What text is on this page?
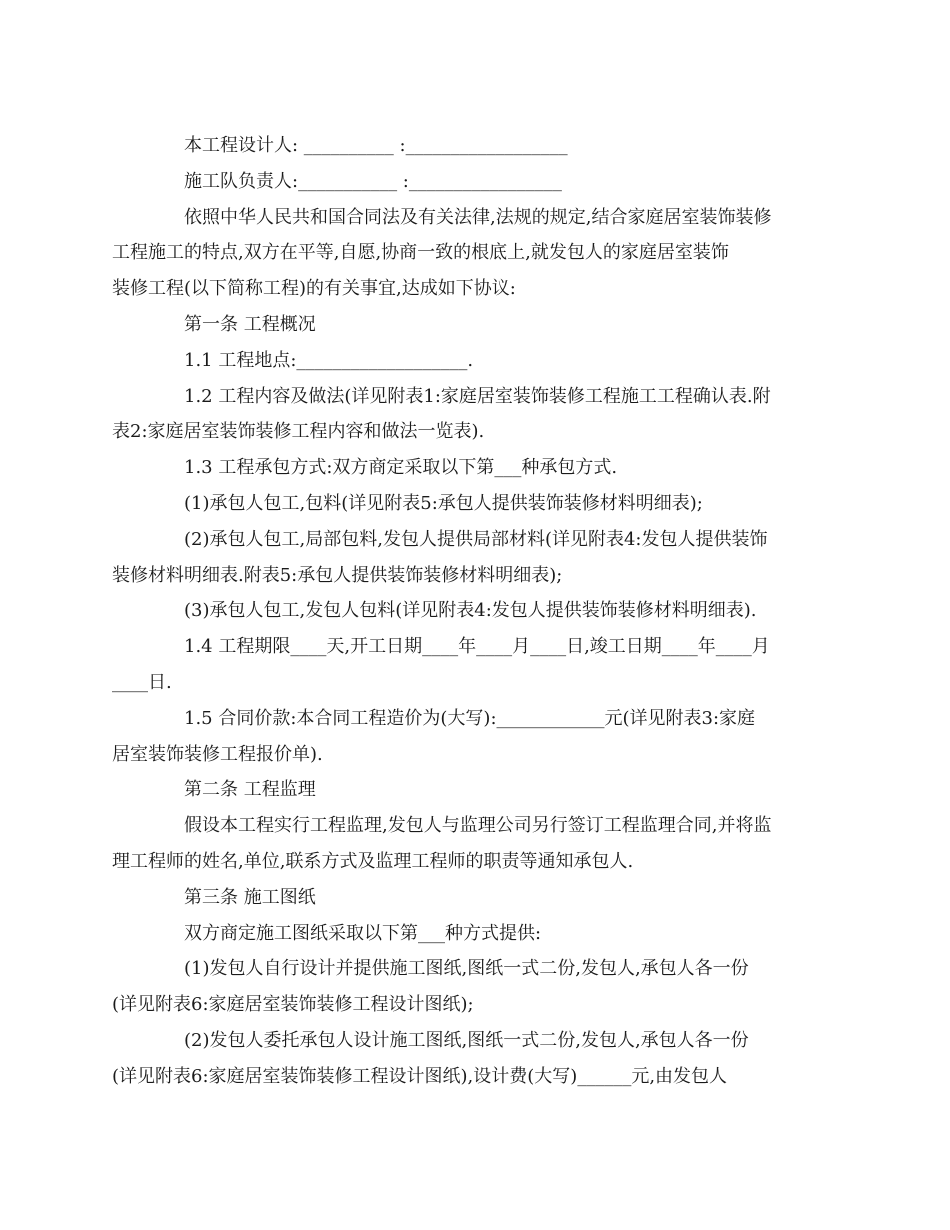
本工程设计人: __________ :__________________

施工队负责人:___________ :_________________

依照中华人民共和国合同法及有关法律,法规的规定,结合家庭居室装饰装修
工程施工的特点,双方在平等,自愿,协商一致的根底上,就发包人的家庭居室装饰
装修工程(以下简称工程)的有关事宜,达成如下协议:

第一条 工程概况

1.1 工程地点:___________________.

1.2 工程内容及做法(详见附表1:家庭居室装饰装修工程施工工程确认表.附
表2:家庭居室装饰装修工程内容和做法一览表).

1.3 工程承包方式:双方商定采取以下第___种承包方式.

(1)承包人包工,包料(详见附表5:承包人提供装饰装修材料明细表);

(2)承包人包工,局部包料,发包人提供局部材料(详见附表4:发包人提供装饰
装修材料明细表.附表5:承包人提供装饰装修材料明细表);

(3)承包人包工,发包人包料(详见附表4:发包人提供装饰装修材料明细表).

1.4 工程期限____天,开工日期____年____月____日,竣工日期____年____月
____日.

1.5 合同价款:本合同工程造价为(大写):____________元(详见附表3:家庭
居室装饰装修工程报价单).

第二条 工程监理

假设本工程实行工程监理,发包人与监理公司另行签订工程监理合同,并将监
理工程师的姓名,单位,联系方式及监理工程师的职责等通知承包人.

第三条 施工图纸

双方商定施工图纸采取以下第___种方式提供:

(1)发包人自行设计并提供施工图纸,图纸一式二份,发包人,承包人各一份
(详见附表6:家庭居室装饰装修工程设计图纸);

(2)发包人委托承包人设计施工图纸,图纸一式二份,发包人,承包人各一份
(详见附表6:家庭居室装饰装修工程设计图纸),设计费(大写)______元,由发包人
